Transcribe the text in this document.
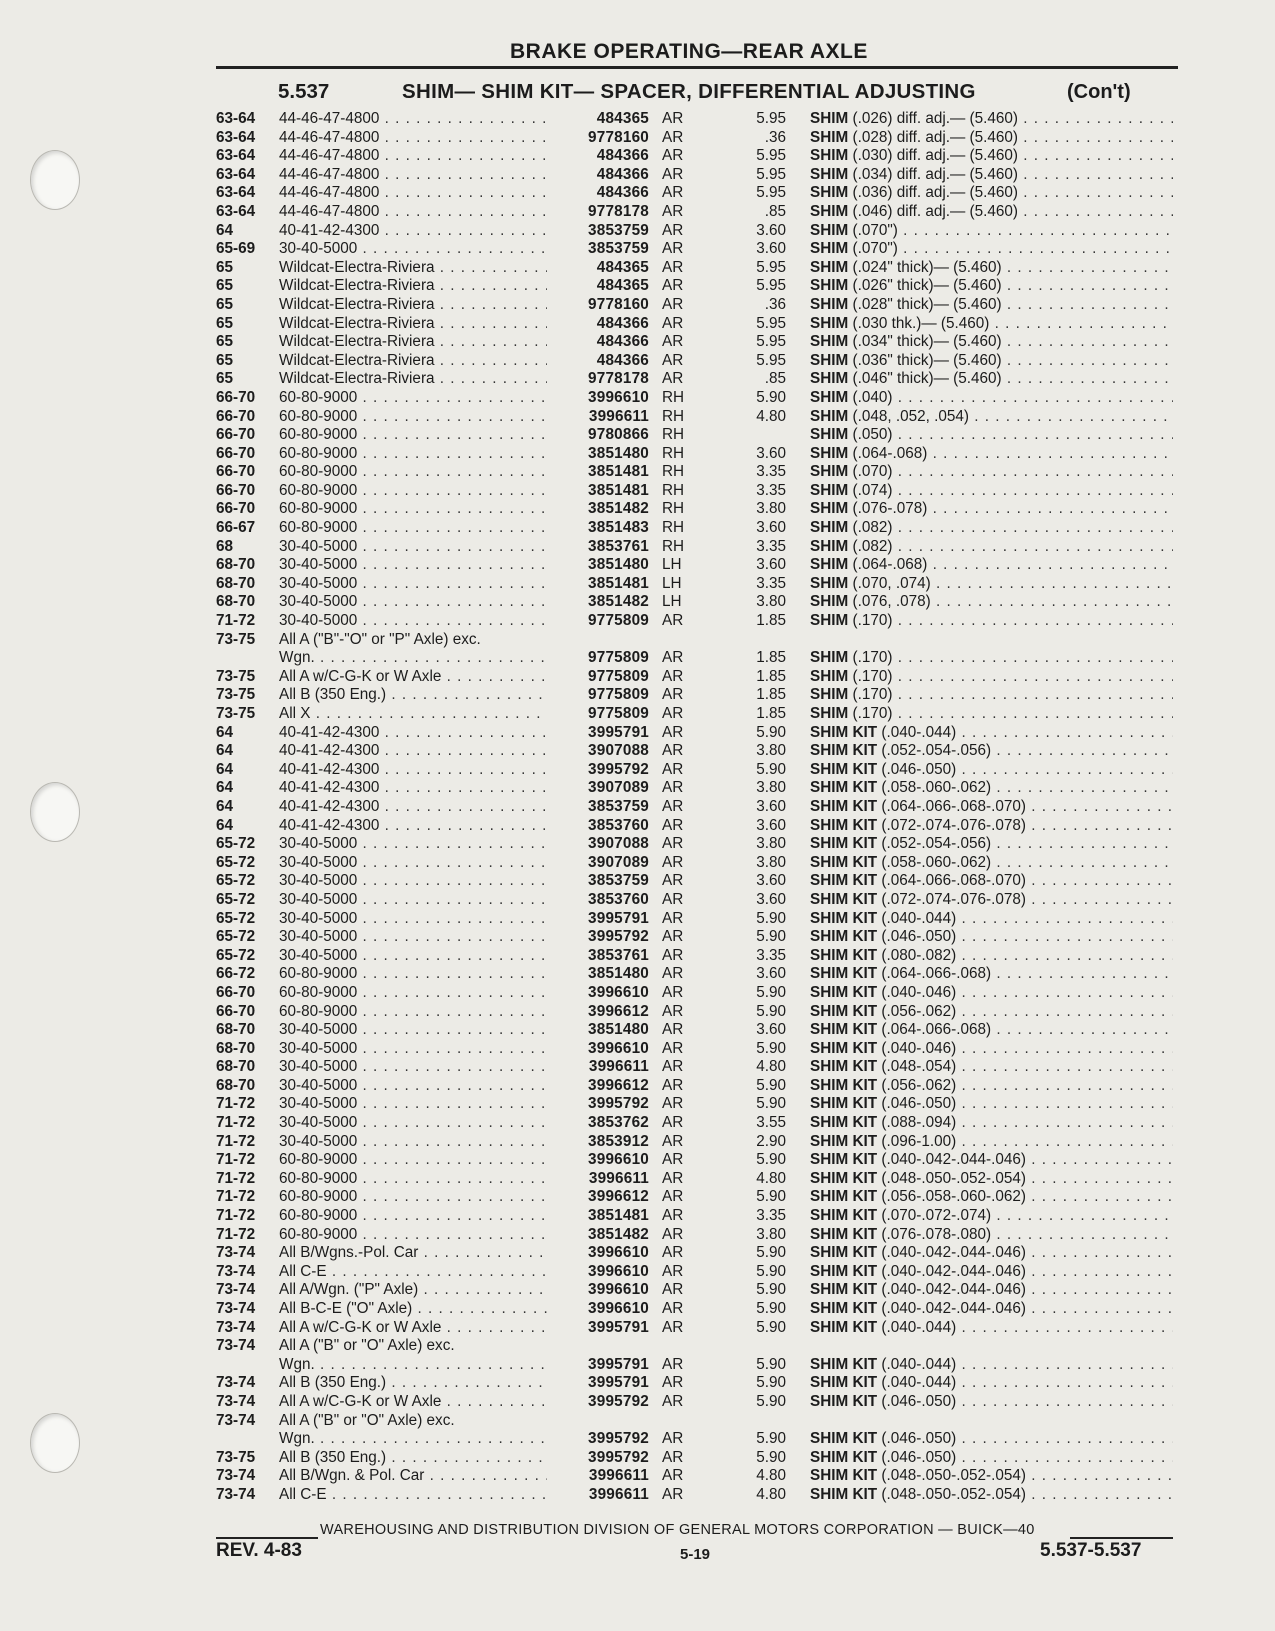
BRAKE OPERATING—REAR AXLE
5.537	SHIM— SHIM KIT— SPACER, DIFFERENTIAL ADJUSTING	(Con't)
63-64 44-46-47-4800 . . .	484365 AR	5.95 SHIM (.026) diff. adj.— (5.460) . . .
63-64 44-46-47-4800 . . .	9778160 AR	.36 SHIM (.028) diff. adj.— (5.460) . . .
63-64 44-46-47-4800 . . .	484366 AR	5.95 SHIM (.030) diff. adj.— (5.460) . . .
63-64 44-46-47-4800 . . .	484366 AR	5.95 SHIM (.034) diff. adj.— (5.460) . . .
63-64 44-46-47-4800 . . .	484366 AR	5.95 SHIM (.036) diff. adj.— (5.460) . . .
63-64 44-46-47-4800 . . .	9778178 AR	.85 SHIM (.046) diff. adj.— (5.460) . . .
64	40-41-42-4300 . . .	3853759 AR	3.60 SHIM (.070") . . .
65-69 30-40-5000 . . .	3853759 AR	3.60 SHIM (.070") . . .
65	Wildcat-Electra-Riviera . . .	484365 AR	5.95 SHIM (.024" thick)— (5.460) . . .
65	Wildcat-Electra-Riviera . . .	484365 AR	5.95 SHIM (.026" thick)— (5.460) . . .
65	Wildcat-Electra-Riviera . . .	9778160 AR	.36 SHIM (.028" thick)— (5.460) . . .
65	Wildcat-Electra-Riviera . . .	484366 AR	5.95 SHIM (.030 thk.)— (5.460) . . .
65	Wildcat-Electra-Riviera . . .	484366 AR	5.95 SHIM (.034" thick)— (5.460) . . .
65	Wildcat-Electra-Riviera . . .	484366 AR	5.95 SHIM (.036" thick)— (5.460) . . .
65	Wildcat-Electra-Riviera . . .	9778178 AR	.85 SHIM (.046" thick)— (5.460) . . .
66-70 60-80-9000 . . .	3996610 RH	5.90 SHIM (.040) . . .
66-70 60-80-9000 . . .	3996611 RH	4.80 SHIM (.048, .052, .054) . . .
66-70 60-80-9000 . . .	9780866 RH	SHIM (.050) . . .
66-70 60-80-9000 . . .	3851480 RH	3.60 SHIM (.064-.068) . . .
66-70 60-80-9000 . . .	3851481 RH	3.35 SHIM (.070) . . .
66-70 60-80-9000 . . .	3851481 RH	3.35 SHIM (.074) . . .
66-70 60-80-9000 . . .	3851482 RH	3.80 SHIM (.076-.078) . . .
66-67 60-80-9000 . . .	3851483 RH	3.60 SHIM (.082) . . .
68	30-40-5000 . . .	3853761 RH	3.35 SHIM (.082) . . .
68-70 30-40-5000 . . .	3851480 LH	3.60 SHIM (.064-.068) . . .
68-70 30-40-5000 . . .	3851481 LH	3.35 SHIM (.070, .074) . . .
68-70 30-40-5000 . . .	3851482 LH	3.80 SHIM (.076, .078) . . .
71-72 30-40-5000 . . .	9775809 AR	1.85 SHIM (.170) . . .
73-75 All A ("B"-"O" or "P" Axle) exc.
Wgn. . . .	9775809 AR	1.85 SHIM (.170) . . .
73-75 All A w/C-G-K or W Axle . . .	9775809 AR	1.85 SHIM (.170) . . .
73-75 All B (350 Eng.) . . .	9775809 AR	1.85 SHIM (.170) . . .
73-75 All X . . .	9775809 AR	1.85 SHIM (.170) . . .
64	40-41-42-4300 . . .	3995791 AR	5.90 SHIM KIT (.040-.044) . . .
64	40-41-42-4300 . . .	3907088 AR	3.80 SHIM KIT (.052-.054-.056) . . .
64	40-41-42-4300 . . .	3995792 AR	5.90 SHIM KIT (.046-.050) . . .
64	40-41-42-4300 . . .	3907089 AR	3.80 SHIM KIT (.058-.060-.062) . . .
64	40-41-42-4300 . . .	3853759 AR	3.60 SHIM KIT (.064-.066-.068-.070) . . .
64	40-41-42-4300 . . .	3853760 AR	3.60 SHIM KIT (.072-.074-.076-.078) . . .
65-72 30-40-5000 . . .	3907088 AR	3.80 SHIM KIT (.052-.054-.056) . . .
65-72 30-40-5000 . . .	3907089 AR	3.80 SHIM KIT (.058-.060-.062) . . .
65-72 30-40-5000 . . .	3853759 AR	3.60 SHIM KIT (.064-.066-.068-.070) . . .
65-72 30-40-5000 . . .	3853760 AR	3.60 SHIM KIT (.072-.074-.076-.078) . . .
65-72 30-40-5000 . . .	3995791 AR	5.90 SHIM KIT (.040-.044) . . .
65-72 30-40-5000 . . .	3995792 AR	5.90 SHIM KIT (.046-.050) . . .
65-72 30-40-5000 . . .	3853761 AR	3.35 SHIM KIT (.080-.082) . . .
66-72 60-80-9000 . . .	3851480 AR	3.60 SHIM KIT (.064-.066-.068) . . .
66-70 60-80-9000 . . .	3996610 AR	5.90 SHIM KIT (.040-.046) . . .
66-70 60-80-9000 . . .	3996612 AR	5.90 SHIM KIT (.056-.062) . . .
68-70 30-40-5000 . . .	3851480 AR	3.60 SHIM KIT (.064-.066-.068) . . .
68-70 30-40-5000 . . .	3996610 AR	5.90 SHIM KIT (.040-.046) . . .
68-70 30-40-5000 . . .	3996611 AR	4.80 SHIM KIT (.048-.054) . . .
68-70 30-40-5000 . . .	3996612 AR	5.90 SHIM KIT (.056-.062) . . .
71-72 30-40-5000 . . .	3995792 AR	5.90 SHIM KIT (.046-.050) . . .
71-72 30-40-5000 . . .	3853762 AR	3.55 SHIM KIT (.088-.094) . . .
71-72 30-40-5000 . . .	3853912 AR	2.90 SHIM KIT (.096-1.00) . . .
71-72 60-80-9000 . . .	3996610 AR	5.90 SHIM KIT (.040-.042-.044-.046) . . .
71-72 60-80-9000 . . .	3996611 AR	4.80 SHIM KIT (.048-.050-.052-.054) . . .
71-72 60-80-9000 . . .	3996612 AR	5.90 SHIM KIT (.056-.058-.060-.062) . . .
71-72 60-80-9000 . . .	3851481 AR	3.35 SHIM KIT (.070-.072-.074) . . .
71-72 60-80-9000 . . .	3851482 AR	3.80 SHIM KIT (.076-.078-.080) . . .
73-74 All B/Wgns.-Pol. Car . . .	3996610 AR	5.90 SHIM KIT (.040-.042-.044-.046) . . .
73-74 All C-E . . .	3996610 AR	5.90 SHIM KIT (.040-.042-.044-.046) . . .
73-74 All A/Wgn. ("P" Axle) . . .	3996610 AR	5.90 SHIM KIT (.040-.042-.044-.046) . . .
73-74 All B-C-E ("O" Axle) . . .	3996610 AR	5.90 SHIM KIT (.040-.042-.044-.046) . . .
73-74 All A w/C-G-K or W Axle . . .	3995791 AR	5.90 SHIM KIT (.040-.044) . . .
73-74 All A ("B" or "O" Axle) exc.
Wgn. . . .	3995791 AR	5.90 SHIM KIT (.040-.044) . . .
73-74 All B (350 Eng.) . . .	3995791 AR	5.90 SHIM KIT (.040-.044) . . .
73-74 All A w/C-G-K or W Axle . . .	3995792 AR	5.90 SHIM KIT (.046-.050) . . .
73-74 All A ("B" or "O" Axle) exc.
Wgn. . . .	3995792 AR	5.90 SHIM KIT (.046-.050) . . .
73-75 All B (350 Eng.) . . .	3995792 AR	5.90 SHIM KIT (.046-.050) . . .
73-74 All B/Wgn. & Pol. Car . . .	3996611 AR	4.80 SHIM KIT (.048-.050-.052-.054) . . .
73-74 All C-E . . .	3996611 AR	4.80 SHIM KIT (.048-.050-.052-.054) . . .
WAREHOUSING AND DISTRIBUTION DIVISION OF GENERAL MOTORS CORPORATION — BUICK—40
REV. 4-83	5-19	5.537-5.537
